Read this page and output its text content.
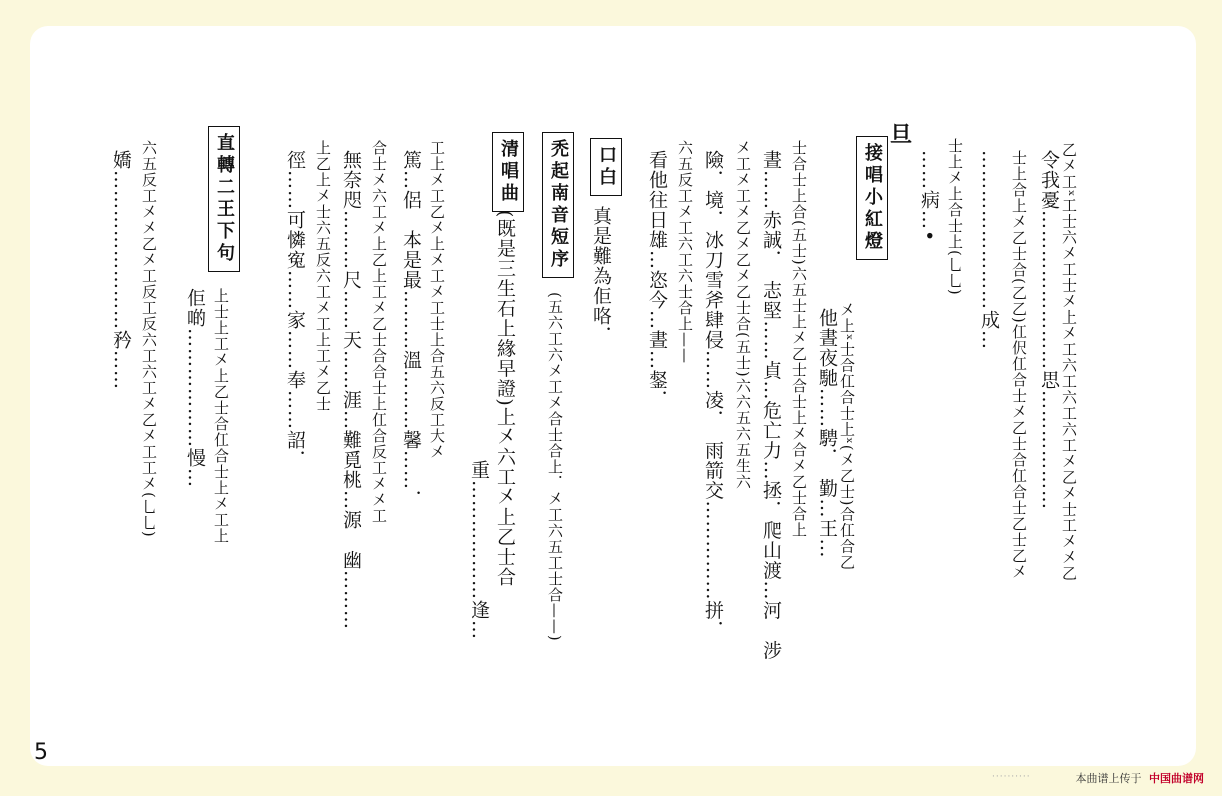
旦
乙㐅工ˣ工士六㐅工士㐅上㐅工六工六工六工㐅乙㐅士工㐅㐅乙
令我憂……………………思………………
士上合上㐅乙士合(乙乙)仜伬仜合士㐅乙士合仜合士乙士乙㐅
……………………成…
士上㐅上合士上(乚乚)
……病…•
接唱小紅燈
他晝夜馳……騁．　勤…王… 㐅上ˣ士合仜合士上ˣ(㐅乙士)合仜合乙
士合士上合(五士)六五士上㐅乙士合士上㐅合㐅乙士合上
晝……赤誠．　志堅……貞…危亡力…拯．爬山渡…河　涉
㐅工㐅工㐅乙㐅乙㐅乙士合(五士)六六五六五生六
險．境．冰刀雪斧肆侵……凌．　雨箭交……………拼．
六五反工㐅工六工六士合上——
看他往日雄…恣今…晝…錖．
口白
真是難為佢咯．
禿起南音短序
(五六工六㐅工㐅合士合上．㐅工六五工士合——)
清唱曲
(既是三生石上緣早證)上㐅六工㐅上乙士合
重………………逢…
工上㐅工乙㐅上㐅工㐅工士上合五六反工大㐅
篤…侶　本是最………溫………馨……．
合士㐅六工㐅上乙上工㐅乙士合合士上仜合反工㐅㐅工
無奈咫………尺……天……涯…難覓桃…源　幽………
上乙上㐅士六五反六工㐅工上工㐅乙士
徑……可憐寃……家……奉……詔．
直轉二王下句
上士上工㐅上乙士合仜合士上㐅工上
佢啲………………慢…
六五反工㐅㐅乙㐅工反工反六工六工㐅乙㐅工工㐅(乚乚)
嬌……………………矜……
5
··········	本曲谱上传于 中国曲谱网
